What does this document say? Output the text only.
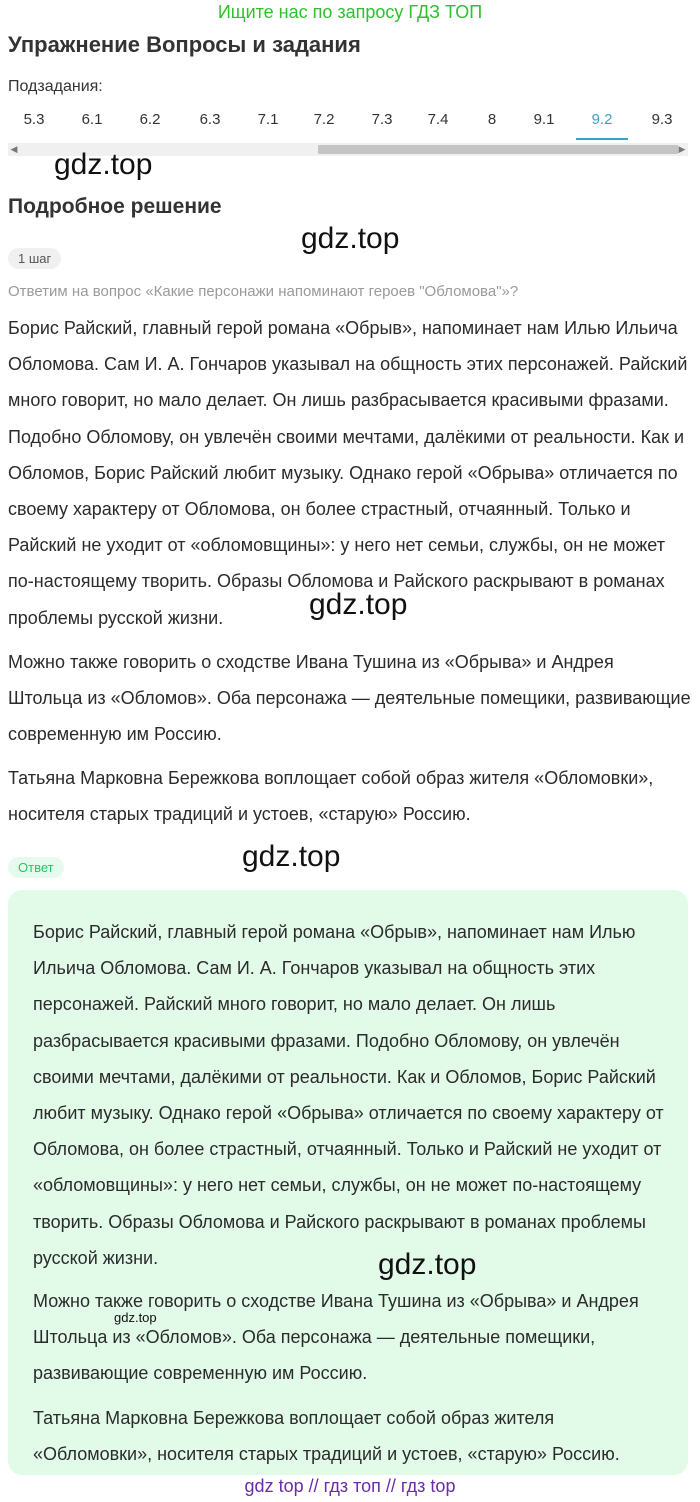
Ищите нас по запросу ГДЗ ТОП
Упражнение Вопросы и задания
Подзадания:
5.3	6.1	6.2	6.3	7.1	7.2	7.3	7.4	8	9.1	9.2	9.3
◀	▶
gdz.top
Подробное решение
gdz.top
1 шаг
Ответим на вопрос «Какие персонажи напоминают героев "Обломова"»?
Борис Райский, главный герой романа «Обрыв», напоминает нам Илью Ильича Обломова. Сам И. А. Гончаров указывал на общность этих персонажей. Райский много говорит, но мало делает. Он лишь разбрасывается красивыми фразами. Подобно Обломову, он увлечён своими мечтами, далёкими от реальности. Как и Обломов, Борис Райский любит музыку. Однако герой «Обрыва» отличается по своему характеру от Обломова, он более страстный, отчаянный. Только и Райский не уходит от «обломовщины»: у него нет семьи, службы, он не может по-настоящему творить. Образы Обломова и Райского раскрывают в романах проблемы русской жизни.	gdz.top
Можно также говорить о сходстве Ивана Тушина из «Обрыва» и Андрея Штольца из «Обломов». Оба персонажа — деятельные помещики, развивающие современную им Россию.
Татьяна Марковна Бережкова воплощает собой образ жителя «Обломовки», носителя старых традиций и устоев, «старую» Россию.
Ответ	gdz.top
Борис Райский, главный герой романа «Обрыв», напоминает нам Илью Ильича Обломова. Сам И. А. Гончаров указывал на общность этих персонажей. Райский много говорит, но мало делает. Он лишь разбрасывается красивыми фразами. Подобно Обломову, он увлечён своими мечтами, далёкими от реальности. Как и Обломов, Борис Райский любит музыку. Однако герой «Обрыва» отличается по своему характеру от Обломова, он более страстный, отчаянный. Только и Райский не уходит от «обломовщины»: у него нет семьи, службы, он не может по-настоящему творить. Образы Обломова и Райского раскрывают в романах проблемы русской жизни.	gdz.top
Можно также говорить о сходстве Ивана Тушина из «Обрыва» и Андрея Штольца из «Обломов». Оба персонажа — деятельные помещики, развивающие современную им Россию.
gdz.top
Татьяна Марковна Бережкова воплощает собой образ жителя «Обломовки», носителя старых традиций и устоев, «старую» Россию.
gdz top // гдз топ // гдз top
